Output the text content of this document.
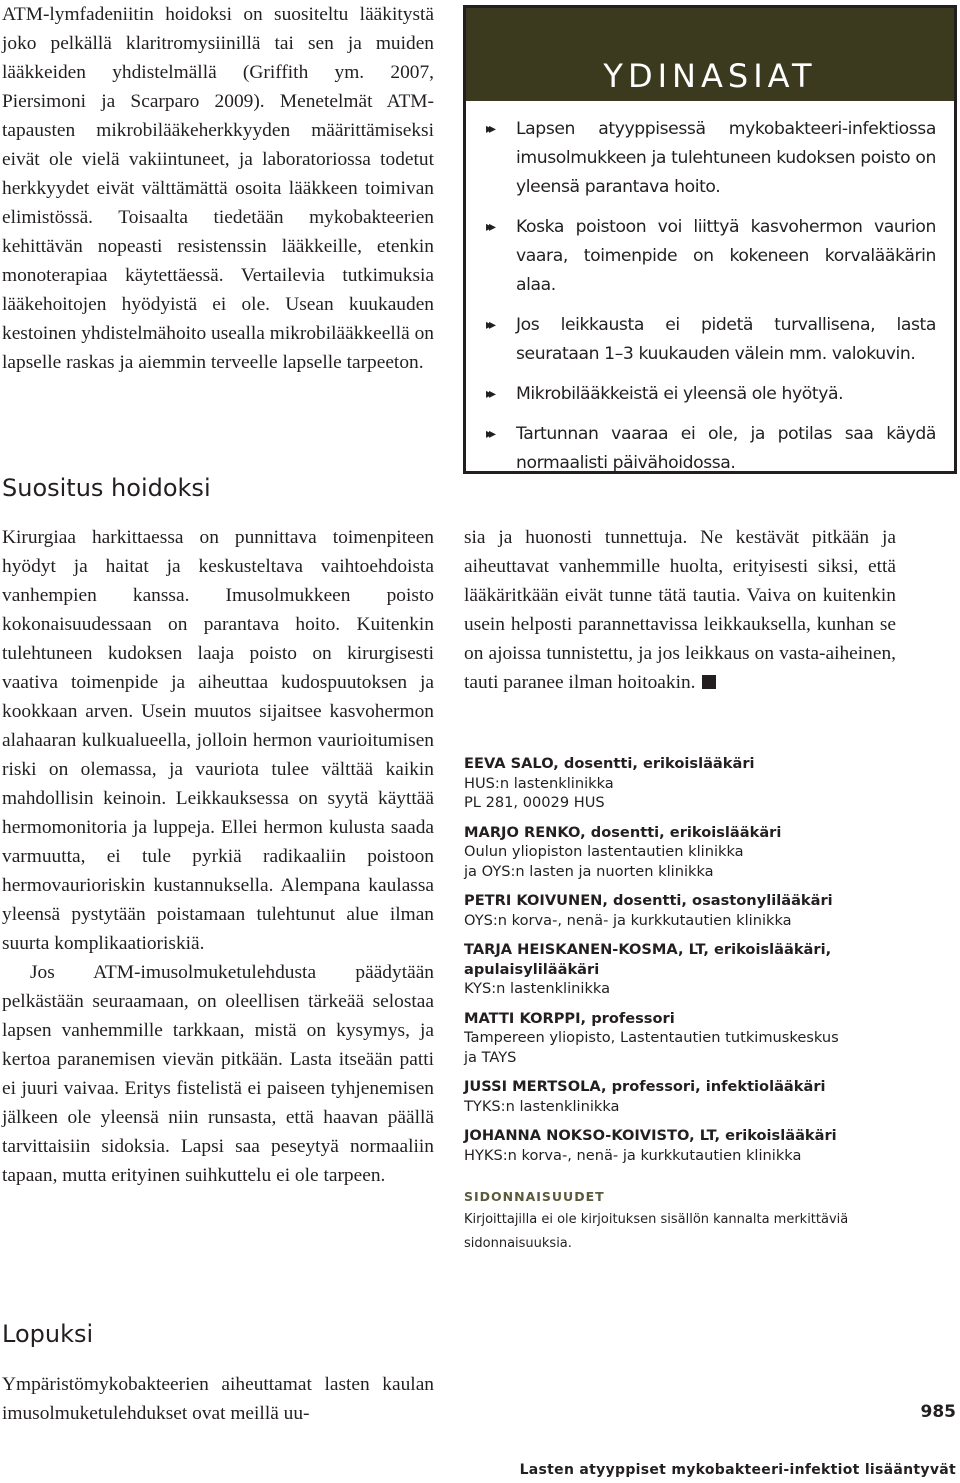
ATM-lymfadeniitin hoidoksi on suositeltu lääkitystä joko pelkällä klaritromysiinillä tai sen ja muiden lääkkeiden yhdistelmällä (Griffith ym. 2007, Piersimoni ja Scarparo 2009). Menetelmät ATM-tapausten mikrobilääkeherkkyyden määrittämiseksi eivät ole vielä vakiintuneet, ja laboratoriossa todetut herkkyydet eivät välttämättä osoita lääkkeen toimivan elimistössä. Toisaalta tiedetään mykobakteerien kehittävän nopeasti resistenssin lääkkeille, etenkin monoterapiaa käytettäessä. Vertailevia tutkimuksia lääkehoitojen hyödyistä ei ole. Usean kuukauden kestoinen yhdistelmähoito usealla mikrobilääkkeellä on lapselle raskas ja aiemmin terveelle lapselle tarpeeton.

Suositus hoidoksi

Kirurgiaa harkittaessa on punnittava toimenpiteen hyödyt ja haitat ja keskusteltava vaihtoehdoista vanhempien kanssa. Imusolmukkeen poisto kokonaisuudessaan on parantava hoito. Kuitenkin tulehtuneen kudoksen laaja poisto on kirurgisesti vaativa toimenpide ja aiheuttaa kudospuutoksen ja kookkaan arven. Usein muutos sijaitsee kasvohermon alahaaran kulkualueella, jolloin hermon vaurioitumisen riski on olemassa, ja vauriota tulee välttää kaikin mahdollisin keinoin. Leikkauksessa on syytä käyttää hermomonitoria ja luppeja. Ellei hermon kulusta saada varmuutta, ei tule pyrkiä radikaaliin poistoon hermovaurioriskin kustannuksella. Alempana kaulassa yleensä pystytään poistamaan tulehtunut alue ilman suurta komplikaatioriskiä.

Jos ATM-imusolmuketulehdusta päädytään pelkästään seuraamaan, on oleellisen tärkeää selostaa lapsen vanhemmille tarkkaan, mistä on kysymys, ja kertoa paranemisen vievän pitkään. Lasta itseään patti ei juuri vaivaa. Eritys fistelistä ei paiseen tyhjenemisen jälkeen ole yleensä niin runsasta, että haavan päällä tarvittaisiin sidoksia. Lapsi saa peseytyä normaaliin tapaan, mutta erityinen suihkuttelu ei ole tarpeen.

Lopuksi

Ympäristömykobakteerien aiheuttamat lasten kaulan imusolmuketulehdukset ovat meillä uu-

YDINASIAT
▸▸ Lapsen atyyppisessä mykobakteeri-infektiossa imusolmukkeen ja tulehtuneen kudoksen poisto on yleensä parantava hoito.
▸▸ Koska poistoon voi liittyä kasvohermon vaurion vaara, toimenpide on kokeneen korvalääkärin alaa.
▸▸ Jos leikkausta ei pidetä turvallisena, lasta seurataan 1–3 kuukauden välein mm. valokuvin.
▸▸ Mikrobilääkkeistä ei yleensä ole hyötyä.
▸▸ Tartunnan vaaraa ei ole, ja potilas saa käydä normaalisti päivähoidossa.

sia ja huonosti tunnettuja. Ne kestävät pitkään ja aiheuttavat vanhemmille huolta, erityisesti siksi, että lääkäritkään eivät tunne tätä tautia. Vaiva on kuitenkin usein helposti parannettavissa leikkauksella, kunhan se on ajoissa tunnistettu, ja jos leikkaus on vasta-aiheinen, tauti paranee ilman hoitoakin.

EEVA SALO, dosentti, erikoislääkäri
HUS:n lastenklinikka
PL 281, 00029 HUS
MARJO RENKO, dosentti, erikoislääkäri
Oulun yliopiston lastentautien klinikka
ja OYS:n lasten ja nuorten klinikka
PETRI KOIVUNEN, dosentti, osastonylilääkäri
OYS:n korva-, nenä- ja kurkkutautien klinikka
TARJA HEISKANEN-KOSMA, LT, erikoislääkäri, apulaisylilääkäri
KYS:n lastenklinikka
MATTI KORPPI, professori
Tampereen yliopisto, Lastentautien tutkimuskeskus
ja TAYS
JUSSI MERTSOLA, professori, infektiolääkäri
TYKS:n lastenklinikka
JOHANNA NOKSO-KOIVISTO, LT, erikoislääkäri
HYKS:n korva-, nenä- ja kurkkutautien klinikka
SIDONNAISUUDET
Kirjoittajilla ei ole kirjoituksen sisällön kannalta merkittäviä sidonnaisuuksia.
985
Lasten atyyppiset mykobakteeri-infektiot lisääntyvät
